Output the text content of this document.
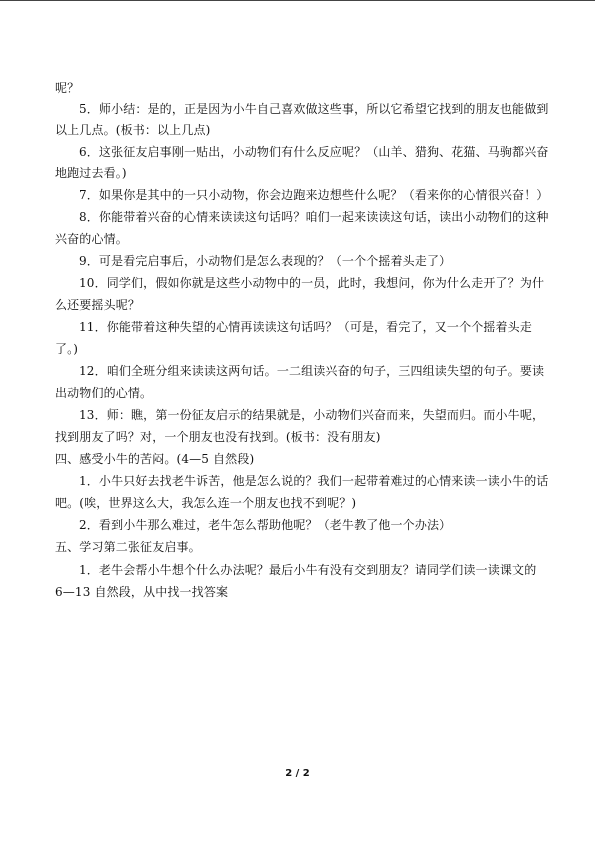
呢？
5．师小结：是的，正是因为小牛自己喜欢做这些事，所以它希望它找到的朋友也能做到
以上几点。(板书：以上几点)
6．这张征友启事刚一贴出，小动物们有什么反应呢？（山羊、猎狗、花猫、马驹都兴奋
地跑过去看。)
7．如果你是其中的一只小动物，你会边跑来边想些什么呢？（看来你的心情很兴奋！）
8．你能带着兴奋的心情来读读这句话吗？咱们一起来读读这句话，读出小动物们的这种
兴奋的心情。
9．可是看完启事后，小动物们是怎么表现的？（一个个摇着头走了）
10．同学们，假如你就是这些小动物中的一员，此时，我想问，你为什么走开了？为什
么还要摇头呢？
11．你能带着这种失望的心情再读读这句话吗？（可是，看完了，又一个个摇着头走
了。)
12．咱们全班分组来读读这两句话。一二组读兴奋的句子，三四组读失望的句子。要读
出动物们的心情。
13．师：瞧，第一份征友启示的结果就是，小动物们兴奋而来，失望而归。而小牛呢，
找到朋友了吗？对，一个朋友也没有找到。(板书：没有朋友)
四、感受小牛的苦闷。(4—5 自然段)
1．小牛只好去找老牛诉苦，他是怎么说的？我们一起带着难过的心情来读一读小牛的话
吧。(唉，世界这么大，我怎么连一个朋友也找不到呢？)
2．看到小牛那么难过，老牛怎么帮助他呢？（老牛教了他一个办法）
五、学习第二张征友启事。
1．老牛会帮小牛想个什么办法呢？最后小牛有没有交到朋友？请同学们读一读课文的
6—13 自然段，从中找一找答案
2 / 2
